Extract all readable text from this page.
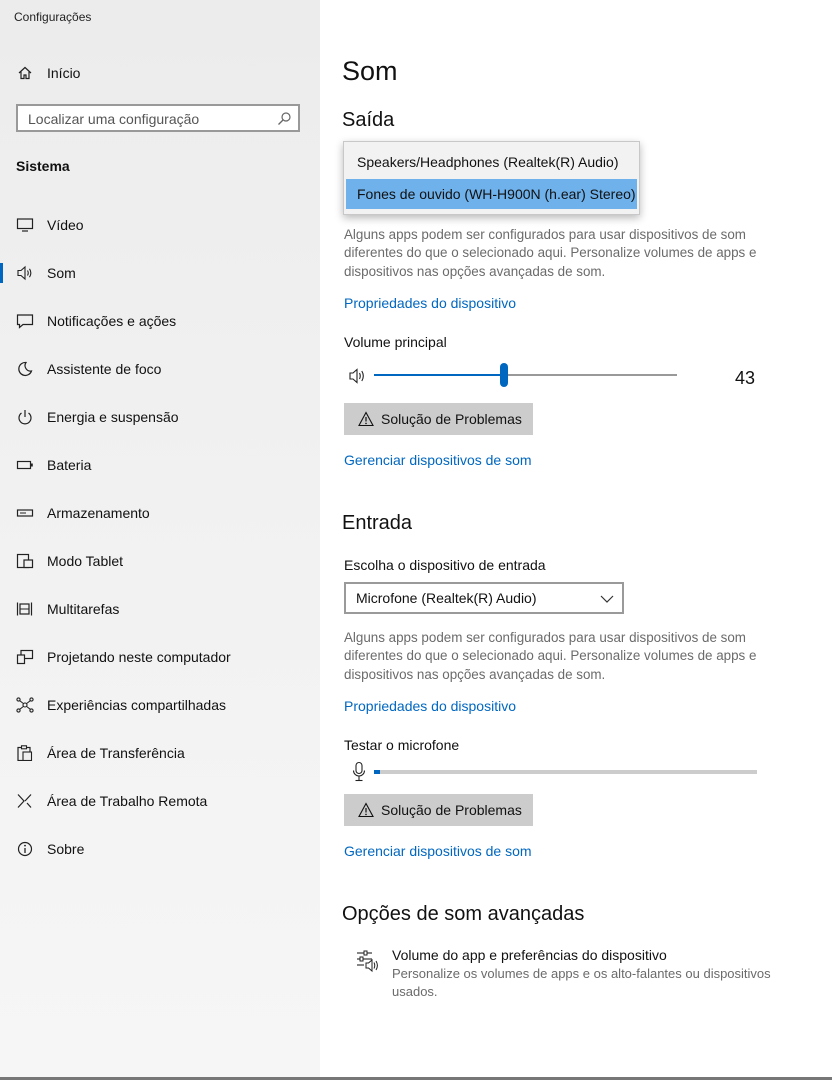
Configurações
Início
Localizar uma configuração
Sistema
Vídeo
Som
Notificações e ações
Assistente de foco
Energia e suspensão
Bateria
Armazenamento
Modo Tablet
Multitarefas
Projetando neste computador
Experiências compartilhadas
Área de Transferência
Área de Trabalho Remota
Sobre
Som
Saída
Alguns apps podem ser configurados para usar dispositivos de som diferentes do que o selecionado aqui. Personalize volumes de apps e dispositivos nas opções avançadas de som.
Propriedades do dispositivo
Volume principal
43
Solução de Problemas
Gerenciar dispositivos de som
Entrada
Escolha o dispositivo de entrada
Microfone (Realtek(R) Audio)
Alguns apps podem ser configurados para usar dispositivos de som diferentes do que o selecionado aqui. Personalize volumes de apps e dispositivos nas opções avançadas de som.
Propriedades do dispositivo
Testar o microfone
Solução de Problemas
Gerenciar dispositivos de som
Opções de som avançadas
Volume do app e preferências do dispositivo
Personalize os volumes de apps e os alto-falantes ou dispositivos usados.
Speakers/Headphones (Realtek(R) Audio)
Fones de ouvido (WH-H900N (h.ear) Stereo)
